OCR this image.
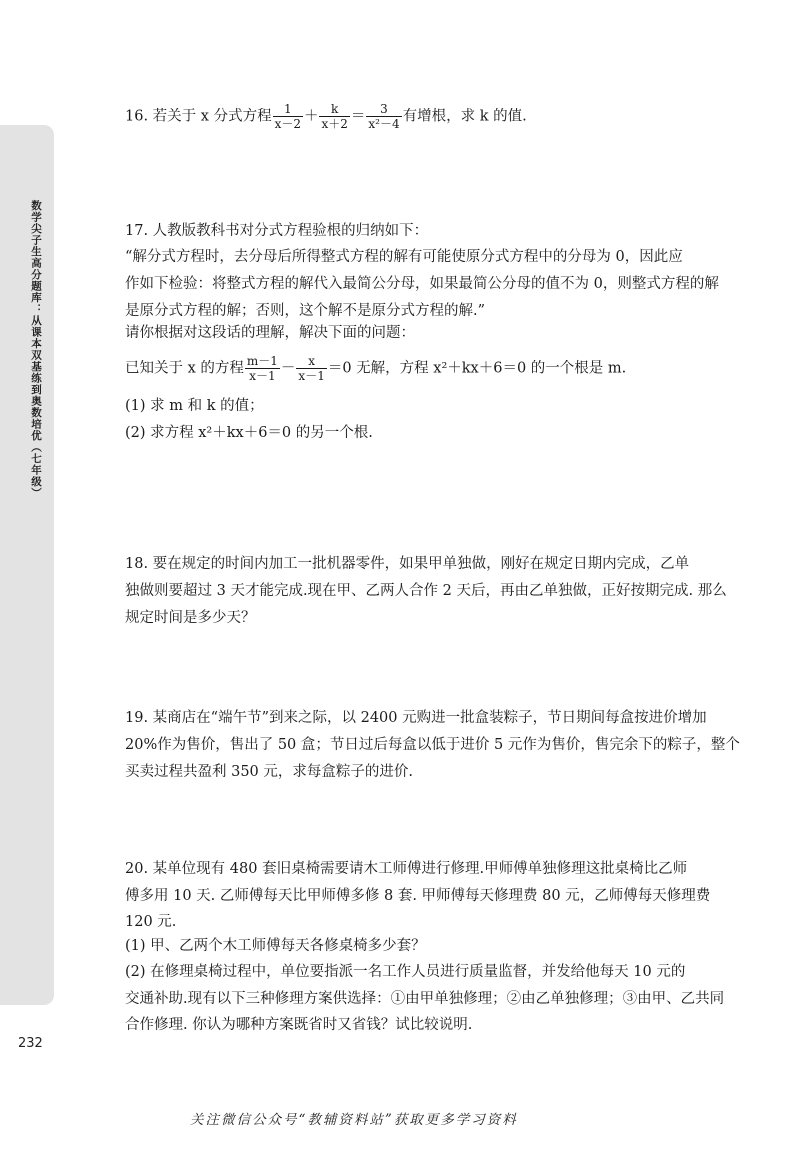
数学尖子生高分题库：从课本双基练到奥数培优（七年级）
232

16. 若关于 x 分式方程 $\frac{1}{x-2} + \frac{k}{x+2} = \frac{3}{\text{x²－4}}$ 有增根，求 k 的值.

17. 人教版教科书对分式方程验根的归纳如下：

“解分式方程时，去分母后所得整式方程的解有可能使原分式方程中的分母为 0，因此应

作如下检验：将整式方程的解代入最简公分母，如果最简公分母的值不为 0，则整式方程的解

是原分式方程的解；否则，这个解不是原分式方程的解.”

请你根据对这段话的理解，解决下面的问题：

已知关于 x 的方程 $\frac{m-1}{x-1} - \frac{x}{x-1} =0$ 无解，方程 x²＋kx＋6＝0 的一个根是 m.

(1) 求 m 和 k 的值；

(2) 求方程 x²＋kx＋6＝0 的另一个根.

18. 要在规定的时间内加工一批机器零件，如果甲单独做，刚好在规定日期内完成，乙单

独做则要超过 3 天才能完成.现在甲、乙两人合作 2 天后，再由乙单独做，正好按期完成. 那么

规定时间是多少天？

19. 某商店在“端午节”到来之际，以 2400 元购进一批盒装粽子，节日期间每盒按进价增加

20%作为售价，售出了 50 盒；节日过后每盒以低于进价 5 元作为售价，售完余下的粽子，整个

买卖过程共盈利 350 元，求每盒粽子的进价.

20. 某单位现有 480 套旧桌椅需要请木工师傅进行修理.甲师傅单独修理这批桌椅比乙师

傅多用 10 天. 乙师傅每天比甲师傅多修 8 套. 甲师傅每天修理费 80 元，乙师傅每天修理费

120 元.

(1) 甲、乙两个木工师傅每天各修桌椅多少套？

(2) 在修理桌椅过程中，单位要指派一名工作人员进行质量监督，并发给他每天 10 元的

交通补助.现有以下三种修理方案供选择：①由甲单独修理；②由乙单独修理；③由甲、乙共同

合作修理. 你认为哪种方案既省时又省钱？试比较说明.

关注微信公众号“教辅资料站”获取更多学习资料
